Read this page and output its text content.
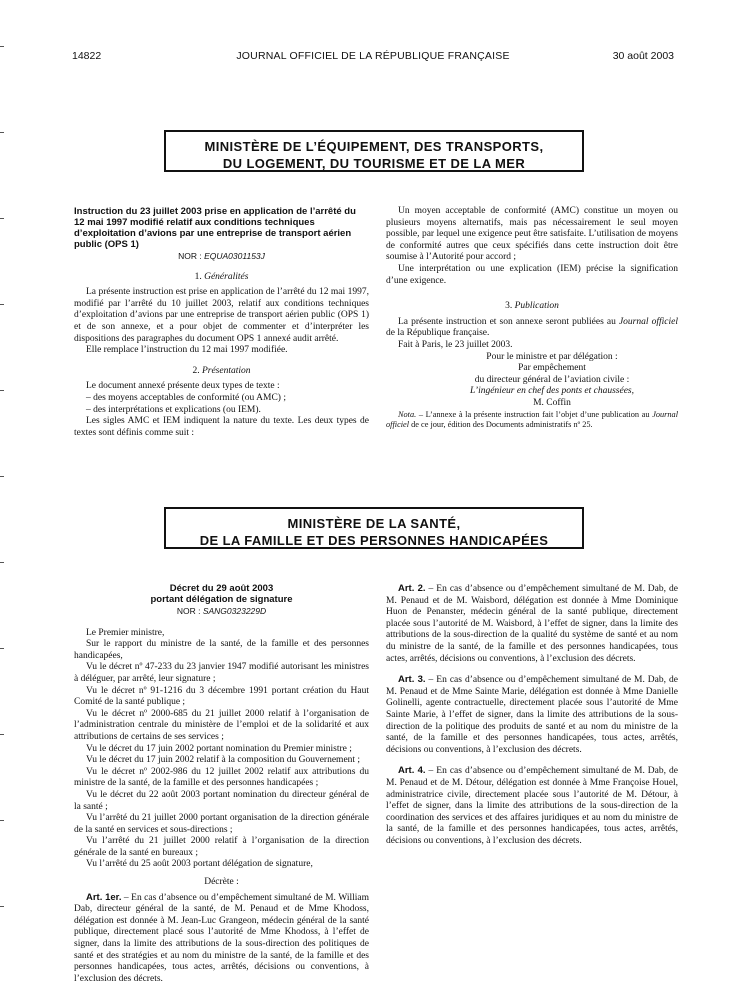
14822	JOURNAL OFFICIEL DE LA RÉPUBLIQUE FRANÇAISE	30 août 2003
MINISTÈRE DE L’ÉQUIPEMENT, DES TRANSPORTS,
DU LOGEMENT, DU TOURISME ET DE LA MER
Instruction du 23 juillet 2003 prise en application de l’arrêté du 12 mai 1997 modifié relatif aux conditions techniques d’exploitation d’avions par une entreprise de transport aérien public (OPS 1)
NOR : EQUA0301153J
1. Généralités

La présente instruction est prise en application de l’arrêté du 12 mai 1997, modifié par l’arrêté du 10 juillet 2003, relatif aux conditions techniques d’exploitation d’avions par une entreprise de transport aérien public (OPS 1) et de son annexe, et a pour objet de commenter et d’interpréter les dispositions des paragraphes du document OPS 1 annexé audit arrêté.

Elle remplace l’instruction du 12 mai 1997 modifiée.

2. Présentation

Le document annexé présente deux types de texte :

– des moyens acceptables de conformité (ou AMC) ;

– des interprétations et explications (ou IEM).

Les sigles AMC et IEM indiquent la nature du texte. Les deux types de textes sont définis comme suit :

Un moyen acceptable de conformité (AMC) constitue un moyen ou plusieurs moyens alternatifs, mais pas nécessairement le seul moyen possible, par lequel une exigence peut être satisfaite. L’utilisation de moyens de conformité autres que ceux spécifiés dans cette instruction doit être soumise à l’Autorité pour accord ;

Une interprétation ou une explication (IEM) précise la signification d’une exigence.

3. Publication

La présente instruction et son annexe seront publiées au Journal officiel de la République française.

Fait à Paris, le 23 juillet 2003.

Pour le ministre et par délégation :
Par empêchement
du directeur général de l’aviation civile :
L’ingénieur en chef des ponts et chaussées,
M. Coffin

Nota. – L’annexe à la présente instruction fait l’objet d’une publication au Journal officiel de ce jour, édition des Documents administratifs nº 25.

MINISTÈRE DE LA SANTÉ,
DE LA FAMILLE ET DES PERSONNES HANDICAPÉES
Décret du 29 août 2003
portant délégation de signature
NOR : SANG0323229D

Le Premier ministre,

Sur le rapport du ministre de la santé, de la famille et des personnes handicapées,

Vu le décret nº 47-233 du 23 janvier 1947 modifié autorisant les ministres à déléguer, par arrêté, leur signature ;

Vu le décret nº 91-1216 du 3 décembre 1991 portant création du Haut Comité de la santé publique ;

Vu le décret nº 2000-685 du 21 juillet 2000 relatif à l’organisation de l’administration centrale du ministère de l’emploi et de la solidarité et aux attributions de certains de ses services ;

Vu le décret du 17 juin 2002 portant nomination du Premier ministre ;

Vu le décret du 17 juin 2002 relatif à la composition du Gouvernement ;

Vu le décret nº 2002-986 du 12 juillet 2002 relatif aux attributions du ministre de la santé, de la famille et des personnes handicapées ;

Vu le décret du 22 août 2003 portant nomination du directeur général de la santé ;

Vu l’arrêté du 21 juillet 2000 portant organisation de la direction générale de la santé en services et sous-directions ;

Vu l’arrêté du 21 juillet 2000 relatif à l’organisation de la direction générale de la santé en bureaux ;

Vu l’arrêté du 25 août 2003 portant délégation de signature,

Décrète :

Art. 1er. – En cas d’absence ou d’empêchement simultané de M. William Dab, directeur général de la santé, de M. Penaud et de Mme Khodoss, délégation est donnée à M. Jean-Luc Grangeon, médecin général de la santé publique, directement placé sous l’autorité de Mme Khodoss, à l’effet de signer, dans la limite des attributions de la sous-direction des politiques de santé et des stratégies et au nom du ministre de la santé, de la famille et des personnes handicapées, tous actes, arrêtés, décisions ou conventions, à l’exclusion des décrets.

Art. 2. – En cas d’absence ou d’empêchement simultané de M. Dab, de M. Penaud et de M. Waisbord, délégation est donnée à Mme Dominique Huon de Penanster, médecin général de la santé publique, directement placée sous l’autorité de M. Waisbord, à l’effet de signer, dans la limite des attributions de la sous-direction de la qualité du système de santé et au nom du ministre de la santé, de la famille et des personnes handicapées, tous actes, arrêtés, décisions ou conventions, à l’exclusion des décrets.

Art. 3. – En cas d’absence ou d’empêchement simultané de M. Dab, de M. Penaud et de Mme Sainte Marie, délégation est donnée à Mme Danielle Golinelli, agente contractuelle, directement placée sous l’autorité de Mme Sainte Marie, à l’effet de signer, dans la limite des attributions de la sous-direction de la politique des produits de santé et au nom du ministre de la santé, de la famille et des personnes handicapées, tous actes, arrêtés, décisions ou conventions, à l’exclusion des décrets.

Art. 4. – En cas d’absence ou d’empêchement simultané de M. Dab, de M. Penaud et de M. Détour, délégation est donnée à Mme Françoise Houel, administratrice civile, directement placée sous l’autorité de M. Détour, à l’effet de signer, dans la limite des attributions de la sous-direction de la coordination des services et des affaires juridiques et au nom du ministre de la santé, de la famille et des personnes handicapées, tous actes, arrêtés, décisions ou conventions, à l’exclusion des décrets.
